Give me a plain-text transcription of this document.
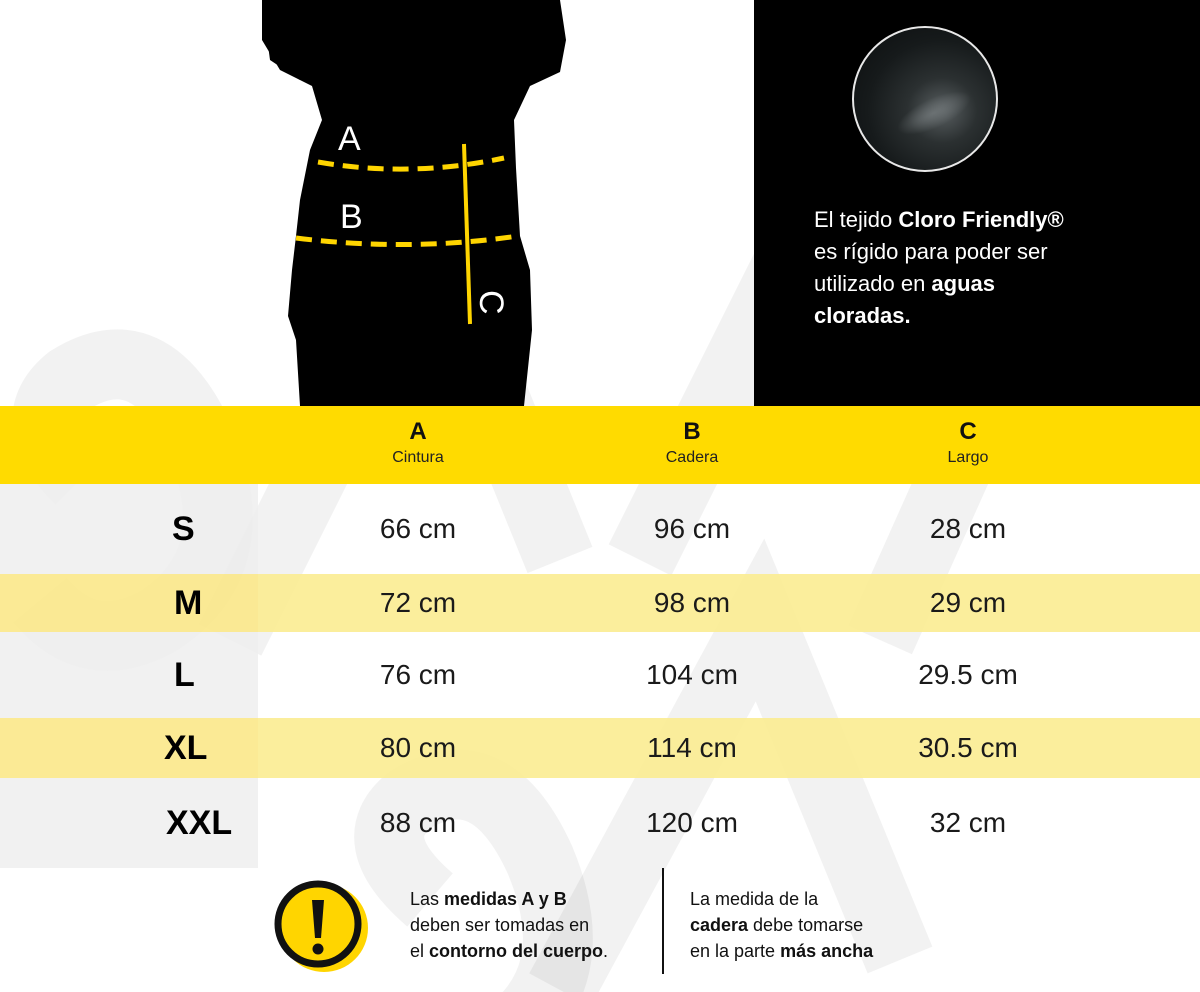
A
B
C
El tejido Cloro Friendly® es rígido para poder ser utilizado en aguas cloradas.
A
Cintura
B
Cadera
C
Largo
S	66 cm	96 cm	28 cm
M	72 cm	98 cm	29 cm
L	76 cm	104 cm	29.5 cm
XL	80 cm	114 cm	30.5 cm
XXL	88 cm	120 cm	32 cm
Las medidas A y B
deben ser tomadas en
el contorno del cuerpo.
La medida de la
cadera debe tomarse
en la parte más ancha
